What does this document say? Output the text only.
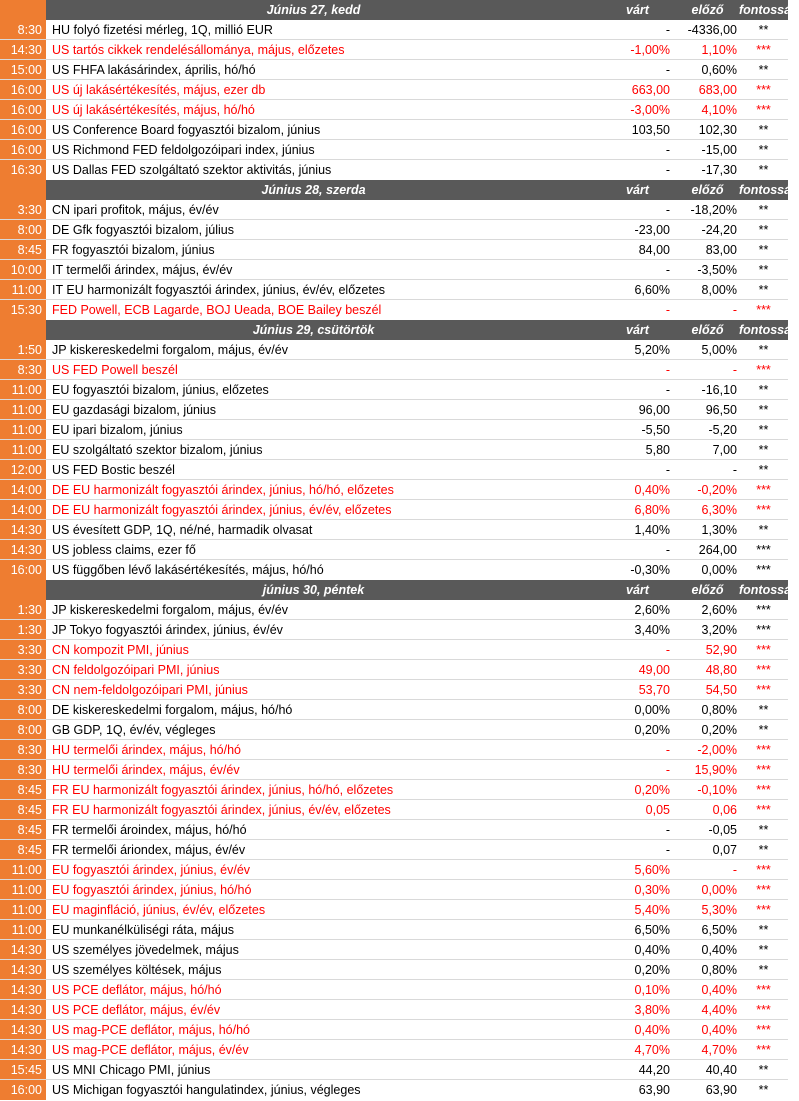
Június 27, kedd	várt	előző	fontosság
8:30 HU folyó fizetési mérleg, 1Q, millió EUR	-	-4336,00	**
14:30 US tartós cikkek rendelésállománya, május, előzetes	-1,00%	1,10%	***
15:00 US FHFA lakásárindex, április, hó/hó	-	0,60%	**
16:00 US új lakásértékesítés, május, ezer db	663,00	683,00	***
16:00 US új lakásértékesítés, május, hó/hó	-3,00%	4,10%	***
16:00 US Conference Board fogyasztói bizalom, június	103,50	102,30	**
16:00 US Richmond FED feldolgozóipari index, június	-	-15,00	**
16:30 US Dallas FED szolgáltató szektor aktivitás, június	-	-17,30	**
Június 28, szerda	várt	előző	fontosság
3:30 CN ipari profitok, május, év/év	-	-18,20%	**
8:00 DE Gfk fogyasztói bizalom, július	-23,00	-24,20	**
8:45 FR fogyasztói bizalom, június	84,00	83,00	**
10:00 IT termelői árindex, május, év/év	-	-3,50%	**
11:00 IT EU harmonizált fogyasztói árindex, június, év/év, előzetes	6,60%	8,00%	**
15:30 FED Powell, ECB Lagarde, BOJ Ueada, BOE Bailey beszél	-	-	***
Június 29, csütörtök	várt	előző	fontosság
1:50 JP kiskereskedelmi forgalom, május, év/év	5,20%	5,00%	**
8:30 US FED Powell beszél	-	-	***
11:00 EU fogyasztói bizalom, június, előzetes	-	-16,10	**
11:00 EU gazdasági bizalom, június	96,00	96,50	**
11:00 EU ipari bizalom, június	-5,50	-5,20	**
11:00 EU szolgáltató szektor bizalom, június	5,80	7,00	**
12:00 US FED Bostic beszél	-	-	**
14:00 DE EU harmonizált fogyasztói árindex, június, hó/hó, előzetes	0,40%	-0,20%	***
14:00 DE EU harmonizált fogyasztói árindex, június, év/év, előzetes	6,80%	6,30%	***
14:30 US évesített GDP, 1Q, né/né, harmadik olvasat	1,40%	1,30%	**
14:30 US jobless claims, ezer fő	-	264,00	***
16:00 US függőben lévő lakásértékesítés, május, hó/hó	-0,30%	0,00%	***
június 30, péntek	várt	előző	fontosság
1:30 JP kiskereskedelmi forgalom, május, év/év	2,60%	2,60%	***
1:30 JP Tokyo fogyasztói árindex, június, év/év	3,40%	3,20%	***
3:30 CN kompozit PMI, június	-	52,90	***
3:30 CN feldolgozóipari PMI, június	49,00	48,80	***
3:30 CN nem-feldolgozóipari PMI, június	53,70	54,50	***
8:00 DE kiskereskedelmi forgalom, május, hó/hó	0,00%	0,80%	**
8:00 GB GDP, 1Q, év/év, végleges	0,20%	0,20%	**
8:30 HU termelői árindex, május, hó/hó	-	-2,00%	***
8:30 HU termelői árindex, május, év/év	-	15,90%	***
8:45 FR EU harmonizált fogyasztói árindex, június, hó/hó, előzetes	0,20%	-0,10%	***
8:45 FR EU harmonizált fogyasztói árindex, június, év/év, előzetes	0,05	0,06	***
8:45 FR termelői ároindex, május, hó/hó	-	-0,05	**
8:45 FR termelői áriondex, május, év/év	-	0,07	**
11:00 EU fogyasztói árindex, június, év/év	5,60%	-	***
11:00 EU fogyasztói árindex, június, hó/hó	0,30%	0,00%	***
11:00 EU maginfláció, június, év/év, előzetes	5,40%	5,30%	***
11:00 EU munkanélküliségi ráta, május	6,50%	6,50%	**
14:30 US személyes jövedelmek, május	0,40%	0,40%	**
14:30 US személyes költések, május	0,20%	0,80%	**
14:30 US PCE deflátor, május, hó/hó	0,10%	0,40%	***
14:30 US PCE deflátor, május, év/év	3,80%	4,40%	***
14:30 US mag-PCE deflátor, május, hó/hó	0,40%	0,40%	***
14:30 US mag-PCE deflátor, május, év/év	4,70%	4,70%	***
15:45 US MNI Chicago PMI, június	44,20	40,40	**
16:00 US Michigan fogyasztói hangulatindex, június, végleges	63,90	63,90	**
